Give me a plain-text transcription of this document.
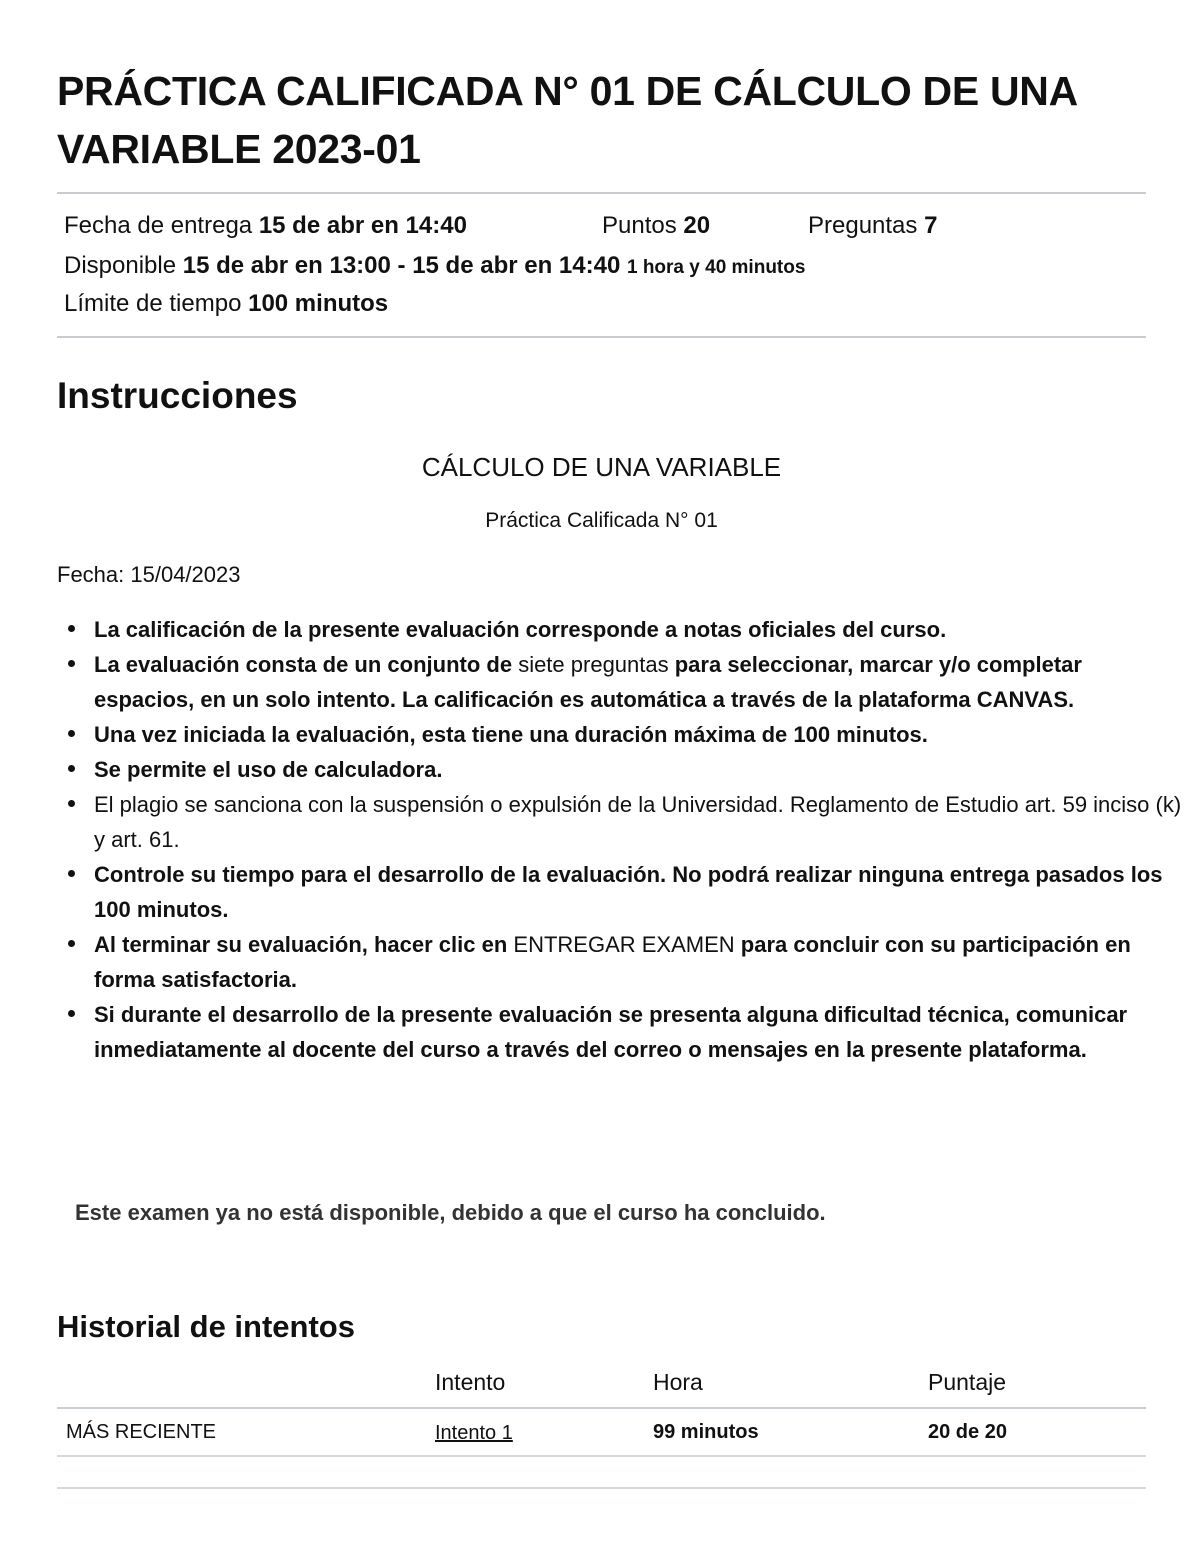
PRÁCTICA CALIFICADA N° 01 DE CÁLCULO DE UNA VARIABLE 2023-01
Fecha de entrega 15 de abr en 14:40	Puntos 20	Preguntas 7
Disponible 15 de abr en 13:00 - 15 de abr en 14:40 1 hora y 40 minutos
Límite de tiempo 100 minutos
Instrucciones
CÁLCULO DE UNA VARIABLE
Práctica Calificada N° 01
Fecha: 15/04/2023
La calificación de la presente evaluación corresponde a notas oficiales del curso.
La evaluación consta de un conjunto de siete preguntas para seleccionar, marcar y/o completar espacios, en un solo intento. La calificación es automática a través de la plataforma CANVAS.
Una vez iniciada la evaluación, esta tiene una duración máxima de 100 minutos.
Se permite el uso de calculadora.
El plagio se sanciona con la suspensión o expulsión de la Universidad. Reglamento de Estudio art. 59 inciso (k) y art. 61.
Controle su tiempo para el desarrollo de la evaluación. No podrá realizar ninguna entrega pasados los 100 minutos.
Al terminar su evaluación, hacer clic en ENTREGAR EXAMEN para concluir con su participación en forma satisfactoria.
Si durante el desarrollo de la presente evaluación se presenta alguna dificultad técnica, comunicar inmediatamente al docente del curso a través del correo o mensajes en la presente plataforma.
Este examen ya no está disponible, debido a que el curso ha concluido.
Historial de intentos
	Intento	Hora	Puntaje
MÁS RECIENTE	Intento 1	99 minutos	20 de 20
